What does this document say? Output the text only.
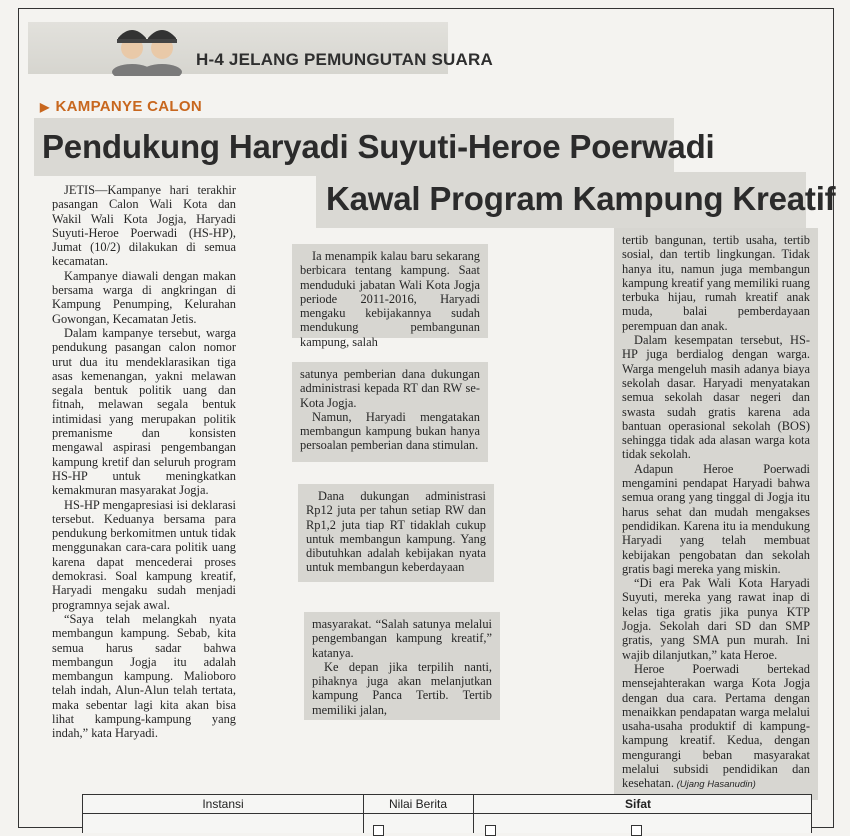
H-4 JELANG PEMUNGUTAN SUARA
▶ KAMPANYE CALON
Pendukung Haryadi Suyuti-Heroe Poerwadi
Kawal Program Kampung Kreatif

JETIS—Kampanye hari terakhir pasangan Calon Wali Kota dan Wakil Wali Kota Jogja, Haryadi Suyuti-Heroe Poerwadi (HS-HP), Jumat (10/2) dilakukan di semua kecamatan.

Kampanye diawali dengan makan bersama warga di angkringan di Kampung Penumping, Kelurahan Gowongan, Kecamatan Jetis.

Dalam kampanye tersebut, warga pendukung pasangan calon nomor urut dua itu mendeklarasikan tiga asas kemenangan, yakni melawan segala bentuk politik uang dan fitnah, melawan segala bentuk intimidasi yang merupakan politik premanisme dan konsisten mengawal aspirasi pengembangan kampung kretif dan seluruh program HS-HP untuk meningkatkan kemakmuran masyarakat Jogja.

HS-HP mengapresiasi isi deklarasi tersebut. Keduanya bersama para pendukung berkomitmen untuk tidak menggunakan cara-cara politik uang karena dapat mencederai proses demokrasi. Soal kampung kreatif, Haryadi mengaku sudah menjadi programnya sejak awal.

“Saya telah melangkah nyata membangun kampung. Sebab, kita semua harus sadar bahwa membangun Jogja itu adalah membangun kampung. Malioboro telah indah, Alun-Alun telah tertata, maka sebentar lagi kita akan bisa lihat kampung-kampung yang indah,” kata Haryadi.

Ia menampik kalau baru sekarang berbicara tentang kampung. Saat menduduki jabatan Wali Kota Jogja periode 2011-2016, Haryadi mengaku kebijakannya sudah mendukung pembangunan kampung, salah

satunya pemberian dana dukungan administrasi kepada RT dan RW se-Kota Jogja.

Namun, Haryadi mengatakan membangun kampung bukan hanya persoalan pemberian dana stimulan.

Dana dukungan administrasi Rp12 juta per tahun setiap RW dan Rp1,2 juta tiap RT tidaklah cukup untuk membangun kampung. Yang dibutuhkan adalah kebijakan nyata untuk membangun keberdayaan

masyarakat. “Salah satunya melalui pengembangan kampung kreatif,” katanya.

Ke depan jika terpilih nanti, pihaknya juga akan melanjutkan kampung Panca Tertib. Tertib memiliki jalan,

tertib bangunan, tertib usaha, tertib sosial, dan tertib lingkungan. Tidak hanya itu, namun juga membangun kampung kreatif yang memiliki ruang terbuka hijau, rumah kreatif anak muda, balai pemberdayaan perempuan dan anak.

Dalam kesempatan tersebut, HS-HP juga berdialog dengan warga. Warga mengeluh masih adanya biaya sekolah dasar. Haryadi menyatakan semua sekolah dasar negeri dan swasta sudah gratis karena ada bantuan operasional sekolah (BOS) sehingga tidak ada alasan warga kota tidak sekolah.

Adapun Heroe Poerwadi mengamini pendapat Haryadi bahwa semua orang yang tinggal di Jogja itu harus sehat dan mudah mengakses pendidikan. Karena itu ia mendukung Haryadi yang telah membuat kebijakan pengobatan dan sekolah gratis bagi mereka yang miskin.

“Di era Pak Wali Kota Haryadi Suyuti, mereka yang rawat inap di kelas tiga gratis jika punya KTP Jogja. Sekolah dari SD dan SMP gratis, yang SMA pun murah. Ini wajib dilanjutkan,” kata Heroe.

Heroe Poerwadi bertekad mensejahterakan warga Kota Jogja dengan dua cara. Pertama dengan menaikkan pendapatan warga melalui usaha-usaha produktif di kampung-kampung kreatif. Kedua, dengan mengurangi beban masyarakat melalui subsidi pendidikan dan kesehatan. (Ujang Hasanudin)

Instansi	Nilai Berita	Sifat
